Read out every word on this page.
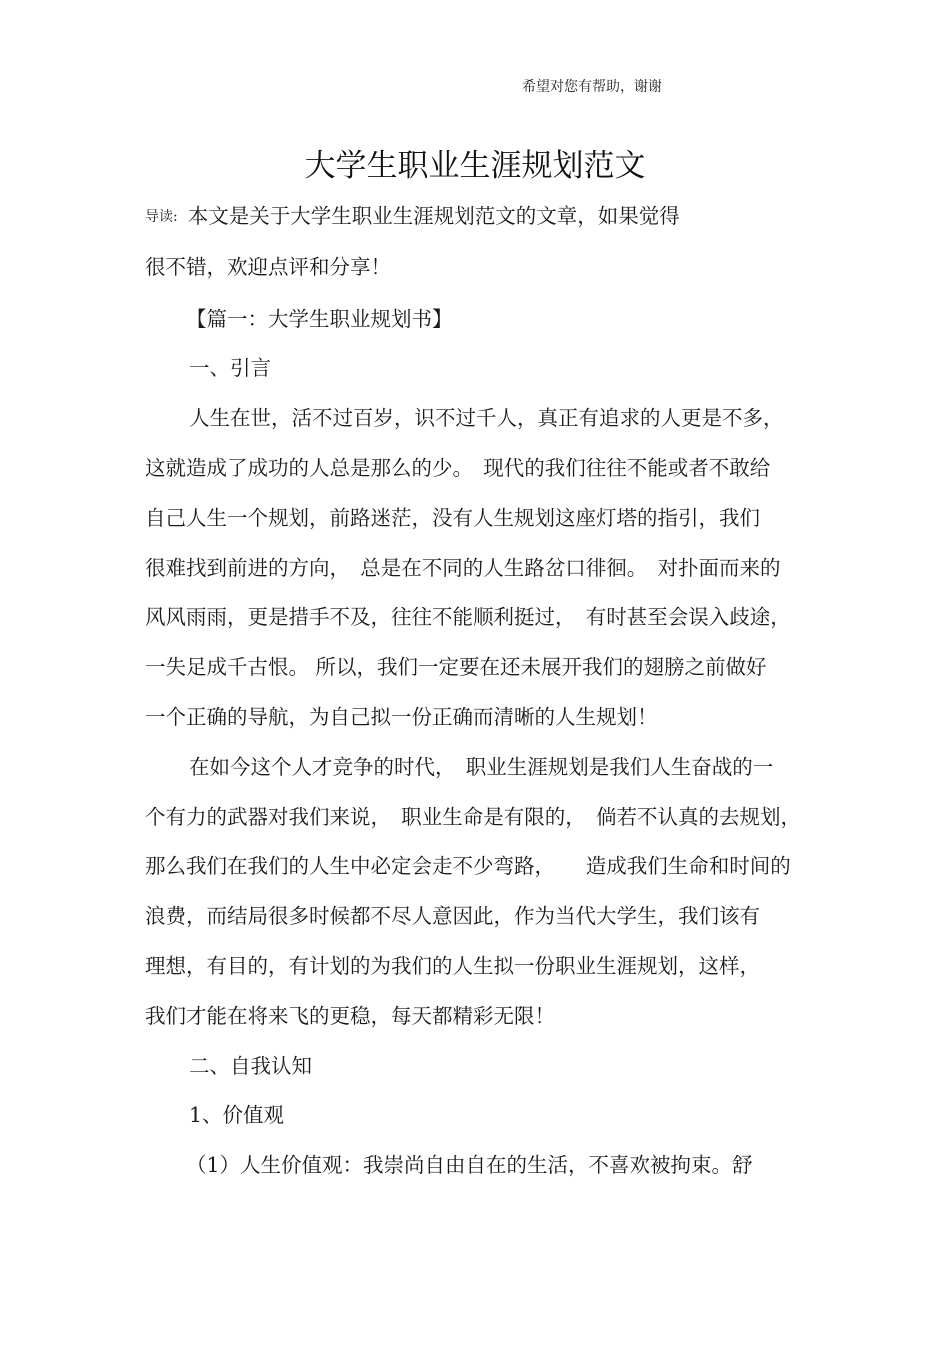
希望对您有帮助，谢谢
大学生职业生涯规划范文
导读: 本文是关于大学生职业生涯规划范文的文章，如果觉得
很不错，欢迎点评和分享！
【篇一：大学生职业规划书】
一、引言
人生在世，活不过百岁，识不过千人，真正有追求的人更是不多，
这就造成了成功的人总是那么的少。　现代的我们往往不能或者不敢给
自己人生一个规划，前路迷茫，没有人生规划这座灯塔的指引，我们
很难找到前进的方向，　总是在不同的人生路岔口徘徊。　对扑面而来的
风风雨雨，更是措手不及，往往不能顺利挺过，　有时甚至会误入歧途，
一失足成千古恨。 所以，我们一定要在还未展开我们的翅膀之前做好
一个正确的导航，为自己拟一份正确而清晰的人生规划！
在如今这个人才竞争的时代，　职业生涯规划是我们人生奋战的一
个有力的武器对我们来说，　职业生命是有限的，　倘若不认真的去规划，
那么我们在我们的人生中必定会走不少弯路，　　造成我们生命和时间的
浪费，而结局很多时候都不尽人意因此，作为当代大学生，我们该有
理想，有目的，有计划的为我们的人生拟一份职业生涯规划，这样，
我们才能在将来飞的更稳，每天都精彩无限！
二、自我认知
1、价值观
（1）人生价值观：我崇尚自由自在的生活，不喜欢被拘束。舒
